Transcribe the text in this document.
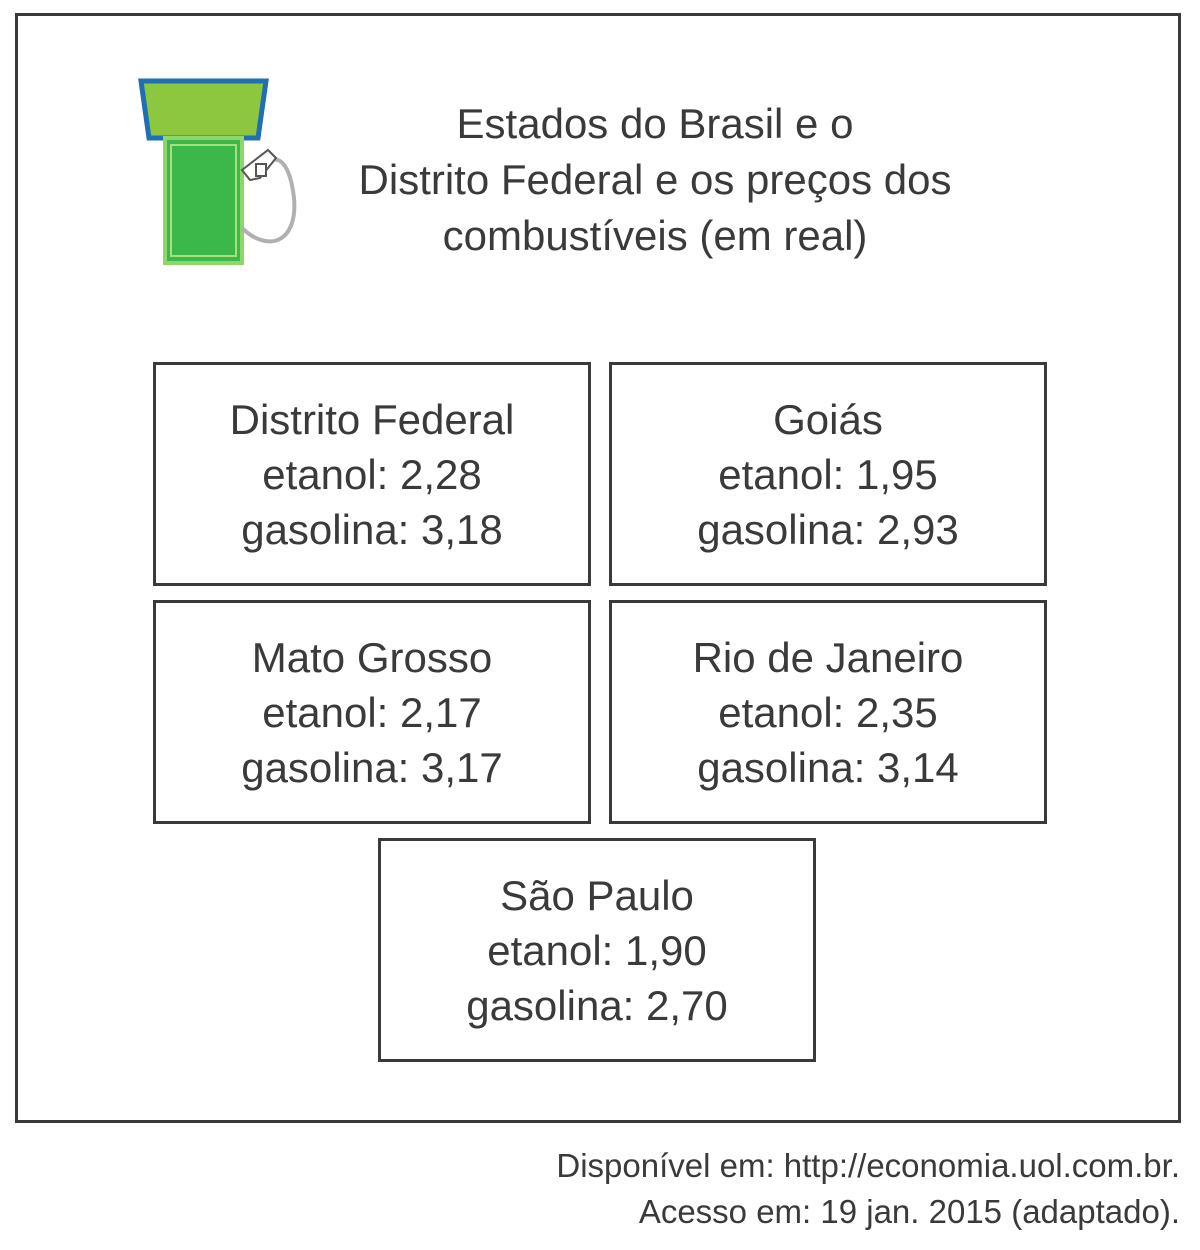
Estados do Brasil e o
Distrito Federal e os preços dos
combustíveis (em real)
Distrito Federal
etanol: 2,28
gasolina: 3,18
Goiás
etanol: 1,95
gasolina: 2,93
Mato Grosso
etanol: 2,17
gasolina: 3,17
Rio de Janeiro
etanol: 2,35
gasolina: 3,14
São Paulo
etanol: 1,90
gasolina: 2,70
Disponível em: http://economia.uol.com.br.
Acesso em: 19 jan. 2015 (adaptado).
